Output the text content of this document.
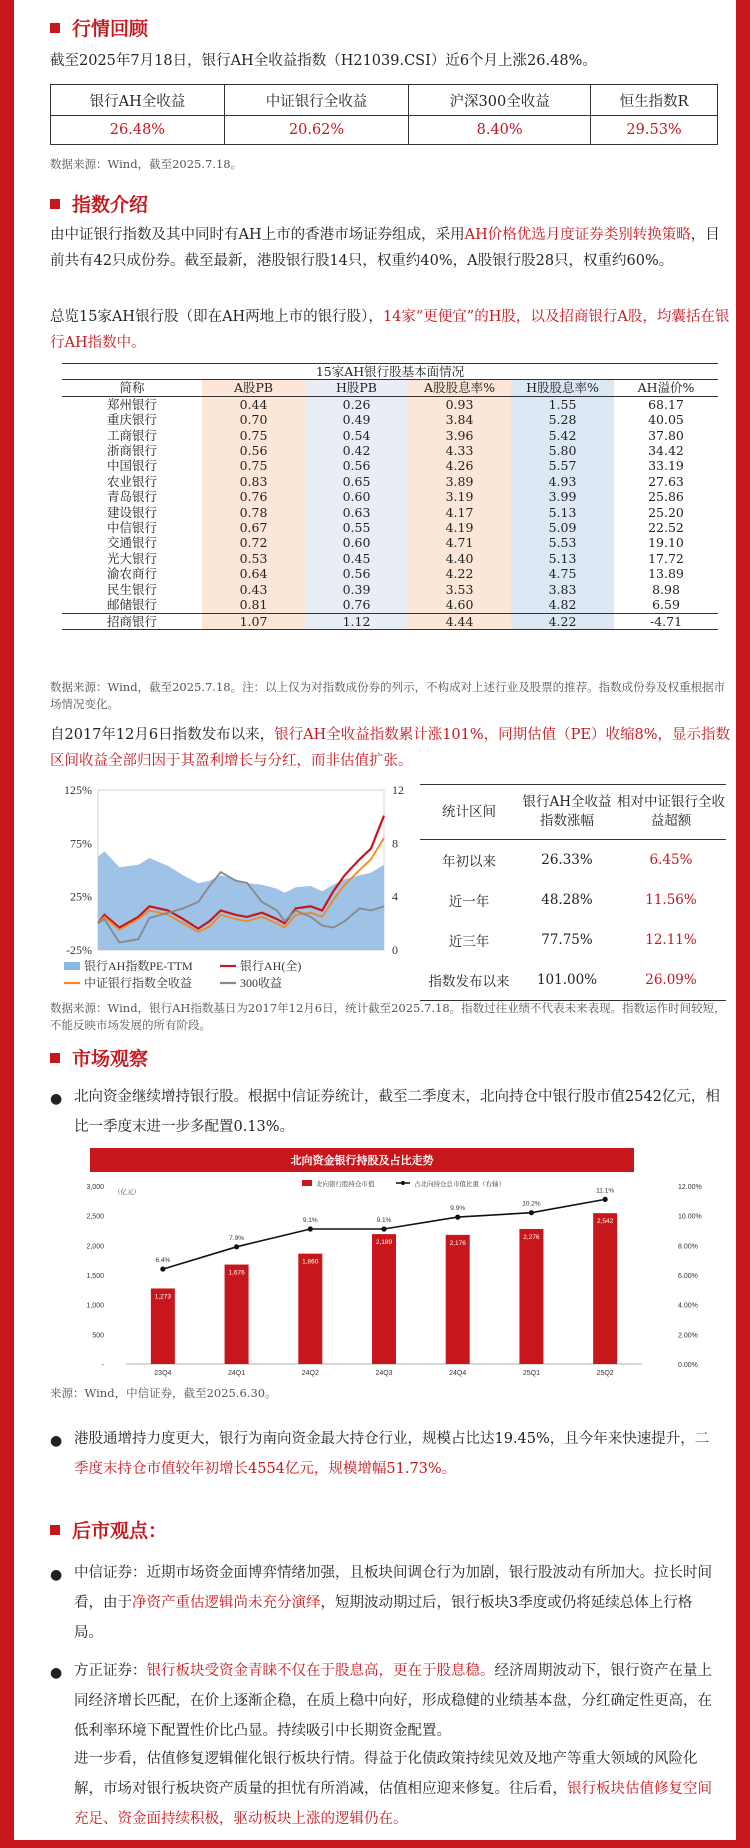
行情回顾
截至2025年7月18日，银行AH全收益指数（H21039.CSI）近6个月上涨26.48%。
银行AH全收益	中证银行全收益	沪深300全收益	恒生指数R
26.48%	20.62%	8.40%	29.53%
数据来源：Wind，截至2025.7.18。
指数介绍
由中证银行指数及其中同时有AH上市的香港市场证券组成，采用AH价格优选月度证券类别转换策略，目前共有42只成份券。截至最新，港股银行股14只，权重约40%，A股银行股28只，权重约60%。
总览15家AH银行股（即在AH两地上市的银行股），14家“更便宜”的H股，以及招商银行A股，均囊括在银行AH指数中。
15家AH银行股基本面情况					
简称	A股PB	H股PB	A股股息率%	H股股息率%	AH溢价%
郑州银行	0.44	0.26	0.93	1.55	68.17
重庆银行	0.70	0.49	3.84	5.28	40.05
工商银行	0.75	0.54	3.96	5.42	37.80
浙商银行	0.56	0.42	4.33	5.80	34.42
中国银行	0.75	0.56	4.26	5.57	33.19
农业银行	0.83	0.65	3.89	4.93	27.63
青岛银行	0.76	0.60	3.19	3.99	25.86
建设银行	0.78	0.63	4.17	5.13	25.20
中信银行	0.67	0.55	4.19	5.09	22.52
交通银行	0.72	0.60	4.71	5.53	19.10
光大银行	0.53	0.45	4.40	5.13	17.72
渝农商行	0.64	0.56	4.22	4.75	13.89
民生银行	0.43	0.39	3.53	3.83	8.98
邮储银行	0.81	0.76	4.60	4.82	6.59
招商银行	1.07	1.12	4.44	4.22	-4.71
数据来源：Wind，截至2025.7.18。注：以上仅为对指数成份券的列示，不构成对上述行业及股票的推荐。指数成份券及权重根据市场情况变化。
自2017年12月6日指数发布以来，银行AH全收益指数累计涨101%，同期估值（PE）收缩8%，显示指数区间收益全部归因于其盈利增长与分红，而非估值扩张。
125%
75%
25%
-25%
12
8
4
0
银行AH指数PE-TTM	银行AH(全)
中证银行指数全收益	300收益
统计区间	银行AH全收益指数涨幅	相对中证银行全收益超额
年初以来	26.33%	6.45%
近一年	48.28%	11.56%
近三年	77.75%	12.11%
指数发布以来	101.00%	26.09%
数据来源：Wind，银行AH指数基日为2017年12月6日，统计截至2025.7.18。指数过往业绩不代表未来表现。指数运作时间较短，不能反映市场发展的所有阶段。
市场观察
● 北向资金继续增持银行股。根据中信证券统计，截至二季度末，北向持仓中银行股市值2542亿元，相比一季度末进一步多配置0.13%。
北向资金银行持股及占比走势
（亿元）
3,000
2,500
2,000
1,500
1,000
500
-
12.00%
10.00%
8.00%
6.00%
4.00%
2.00%
0.00%
23Q4	24Q1	24Q2	24Q3	24Q4	25Q1	25Q2
1,273
1,676
1,860
2,189	2,176
2,276
2,542
6.4%
7.9%
9.1%	9.1%
9.9%
10.2%
11.1%
北向银行股持仓市值	占北向持仓总市值比重（右轴）
来源：Wind，中信证券，截至2025.6.30。
● 港股通增持力度更大，银行为南向资金最大持仓行业，规模占比达19.45%，且今年来快速提升，二季度末持仓市值较年初增长4554亿元，规模增幅51.73%。
后市观点：
● 中信证券：近期市场资金面博弈情绪加强，且板块间调仓行为加剧，银行股波动有所加大。拉长时间看，由于净资产重估逻辑尚未充分演绎，短期波动期过后，银行板块3季度或仍将延续总体上行格局。
● 方正证券：银行板块受资金青睐不仅在于股息高，更在于股息稳。经济周期波动下，银行资产在量上同经济增长匹配，在价上逐渐企稳，在质上稳中向好，形成稳健的业绩基本盘，分红确定性更高，在低利率环境下配置性价比凸显。持续吸引中长期资金配置。
进一步看，估值修复逻辑催化银行板块行情。得益于化债政策持续见效及地产等重大领域的风险化解，市场对银行板块资产质量的担忧有所消减，估值相应迎来修复。往后看，银行板块估值修复空间充足、资金面持续积极，驱动板块上涨的逻辑仍在。
